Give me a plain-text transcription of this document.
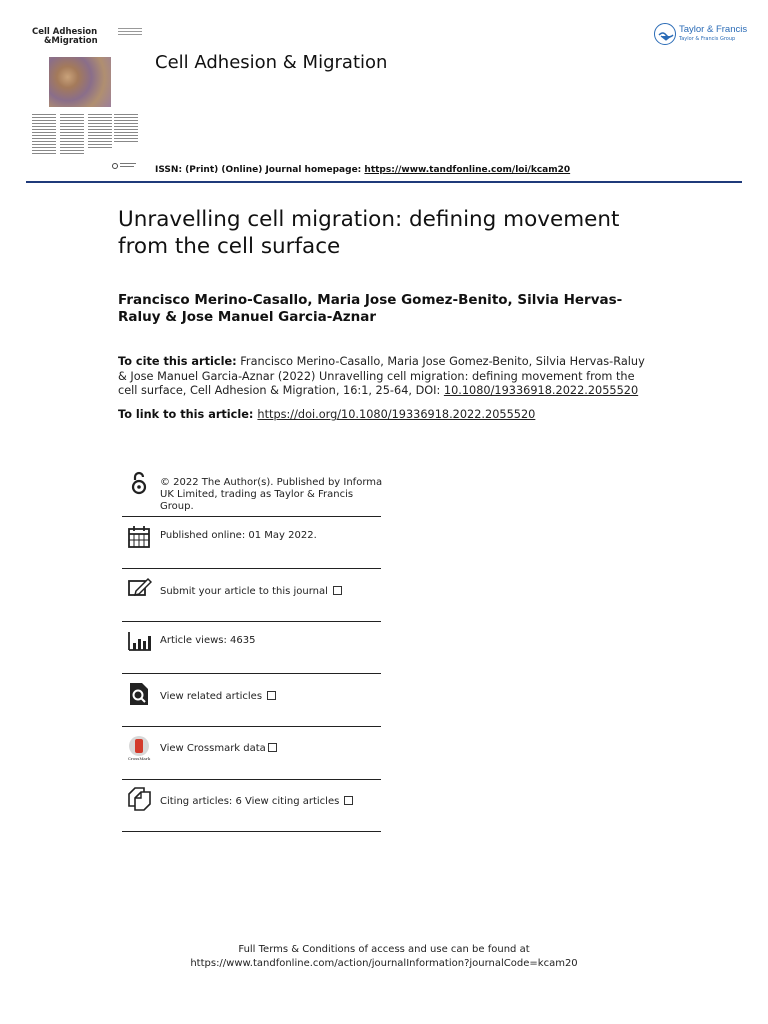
Cell Adhesion
&Migration
Cell Adhesion & Migration
Taylor & Francis
Taylor & Francis Group
ISSN: (Print) (Online) Journal homepage: https://www.tandfonline.com/loi/kcam20
Unravelling cell migration: defining movement from the cell surface
Francisco Merino-Casallo, Maria Jose Gomez-Benito, Silvia Hervas-Raluy & Jose Manuel Garcia-Aznar
To cite this article: Francisco Merino-Casallo, Maria Jose Gomez-Benito, Silvia Hervas-Raluy & Jose Manuel Garcia-Aznar (2022) Unravelling cell migration: defining movement from the cell surface, Cell Adhesion & Migration, 16:1, 25-64, DOI: 10.1080/19336918.2022.2055520
To link to this article: https://doi.org/10.1080/19336918.2022.2055520
© 2022 The Author(s). Published by Informa UK Limited, trading as Taylor & Francis Group.
Published online: 01 May 2022.
Submit your article to this journal
Article views: 4635
View related articles
CrossMark
View Crossmark data
Citing articles: 6 View citing articles
Full Terms & Conditions of access and use can be found at
https://www.tandfonline.com/action/journalInformation?journalCode=kcam20
